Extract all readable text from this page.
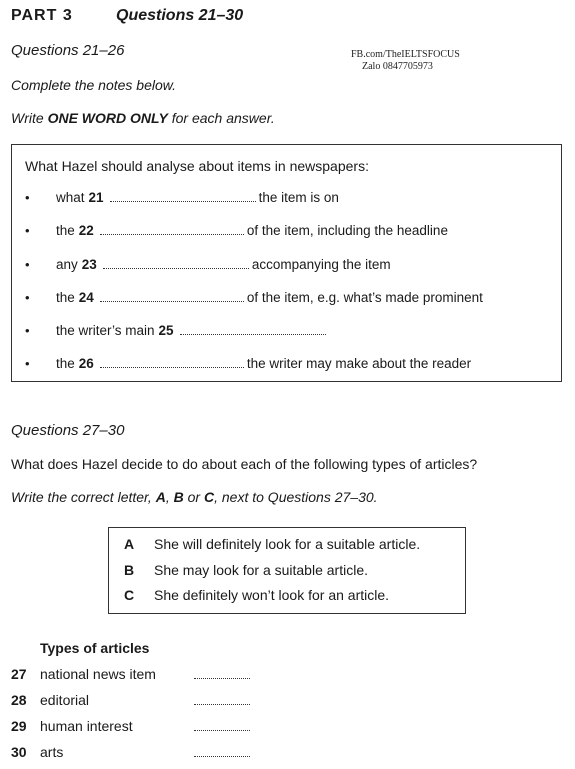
PART 3	Questions 21–30
FB.com/TheIELTSFOCUS
Zalo 0847705973
Questions 21–26
Complete the notes below.
Write ONE WORD ONLY for each answer.
What Hazel should analyse about items in newspapers:
•	what 21	the item is on
•	the 22	of the item, including the headline
•	any 23	accompanying the item
•	the 24	of the item, e.g. what’s made prominent
•	the writer’s main 25
•	the 26	the writer may make about the reader
Questions 27–30
What does Hazel decide to do about each of the following types of articles?
Write the correct letter, A, B or C, next to Questions 27–30.
A	She will definitely look for a suitable article.
B	She may look for a suitable article.
C	She definitely won’t look for an article.
Types of articles
27 national news item
28 editorial
29 human interest
30 arts
